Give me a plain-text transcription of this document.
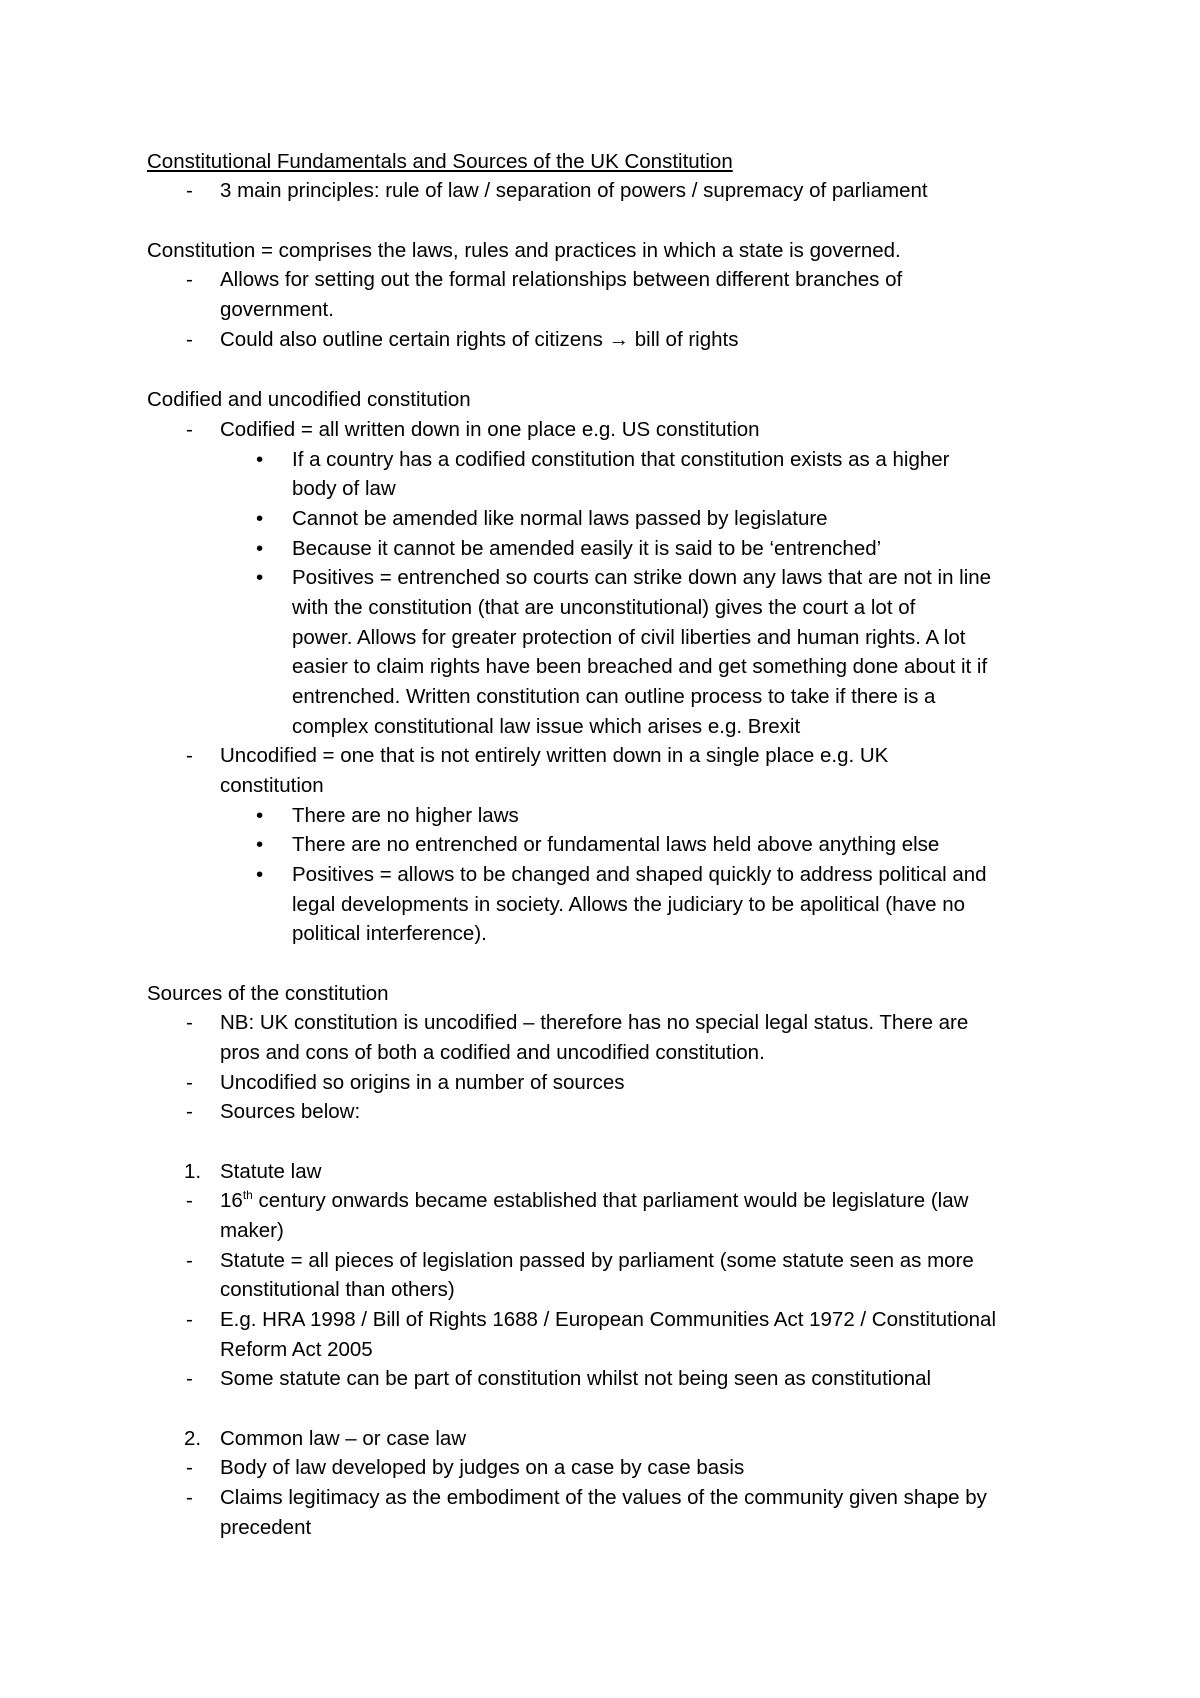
Constitutional Fundamentals and Sources of the UK Constitution
- 3 main principles: rule of law / separation of powers / supremacy of parliament
Constitution = comprises the laws, rules and practices in which a state is governed.
- Allows for setting out the formal relationships between different branches of
government.
- Could also outline certain rights of citizens → bill of rights
Codified and uncodified constitution
- Codified = all written down in one place e.g. US constitution
• If a country has a codified constitution that constitution exists as a higher
body of law
• Cannot be amended like normal laws passed by legislature
• Because it cannot be amended easily it is said to be ‘entrenched’
• Positives = entrenched so courts can strike down any laws that are not in line
with the constitution (that are unconstitutional) gives the court a lot of
power. Allows for greater protection of civil liberties and human rights. A lot
easier to claim rights have been breached and get something done about it if
entrenched. Written constitution can outline process to take if there is a
complex constitutional law issue which arises e.g. Brexit
- Uncodified = one that is not entirely written down in a single place e.g. UK
constitution
• There are no higher laws
• There are no entrenched or fundamental laws held above anything else
• Positives = allows to be changed and shaped quickly to address political and
legal developments in society. Allows the judiciary to be apolitical (have no
political interference).
Sources of the constitution
- NB: UK constitution is uncodified – therefore has no special legal status. There are
pros and cons of both a codified and uncodified constitution.
- Uncodified so origins in a number of sources
- Sources below:
1. Statute law
- 16th century onwards became established that parliament would be legislature (law
maker)
- Statute = all pieces of legislation passed by parliament (some statute seen as more
constitutional than others)
- E.g. HRA 1998 / Bill of Rights 1688 / European Communities Act 1972 / Constitutional
Reform Act 2005
- Some statute can be part of constitution whilst not being seen as constitutional
2. Common law – or case law
- Body of law developed by judges on a case by case basis
- Claims legitimacy as the embodiment of the values of the community given shape by
precedent
